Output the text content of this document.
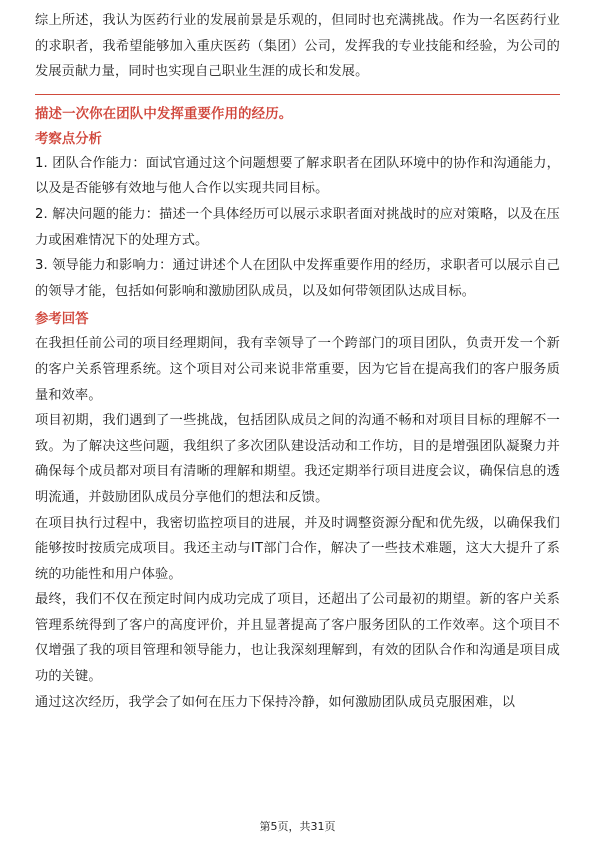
综上所述，我认为医药行业的发展前景是乐观的，但同时也充满挑战。作为一名医药行业的求职者，我希望能够加入重庆医药（集团）公司，发挥我的专业技能和经验，为公司的发展贡献力量，同时也实现自己职业生涯的成长和发展。

描述一次你在团队中发挥重要作用的经历。

考察点分析

1. 团队合作能力：面试官通过这个问题想要了解求职者在团队环境中的协作和沟通能力，以及是否能够有效地与他人合作以实现共同目标。

2. 解决问题的能力：描述一个具体经历可以展示求职者面对挑战时的应对策略，以及在压力或困难情况下的处理方式。

3. 领导能力和影响力：通过讲述个人在团队中发挥重要作用的经历，求职者可以展示自己的领导才能，包括如何影响和激励团队成员，以及如何带领团队达成目标。

参考回答

在我担任前公司的项目经理期间，我有幸领导了一个跨部门的项目团队，负责开发一个新的客户关系管理系统。这个项目对公司来说非常重要，因为它旨在提高我们的客户服务质量和效率。

项目初期，我们遇到了一些挑战，包括团队成员之间的沟通不畅和对项目目标的理解不一致。为了解决这些问题，我组织了多次团队建设活动和工作坊，目的是增强团队凝聚力并确保每个成员都对项目有清晰的理解和期望。我还定期举行项目进度会议，确保信息的透明流通，并鼓励团队成员分享他们的想法和反馈。

在项目执行过程中，我密切监控项目的进展，并及时调整资源分配和优先级，以确保我们能够按时按质完成项目。我还主动与IT部门合作，解决了一些技术难题，这大大提升了系统的功能性和用户体验。

最终，我们不仅在预定时间内成功完成了项目，还超出了公司最初的期望。新的客户关系管理系统得到了客户的高度评价，并且显著提高了客户服务团队的工作效率。这个项目不仅增强了我的项目管理和领导能力，也让我深刻理解到，有效的团队合作和沟通是项目成功的关键。

通过这次经历，我学会了如何在压力下保持冷静，如何激励团队成员克服困难，以

第5页，共31页
